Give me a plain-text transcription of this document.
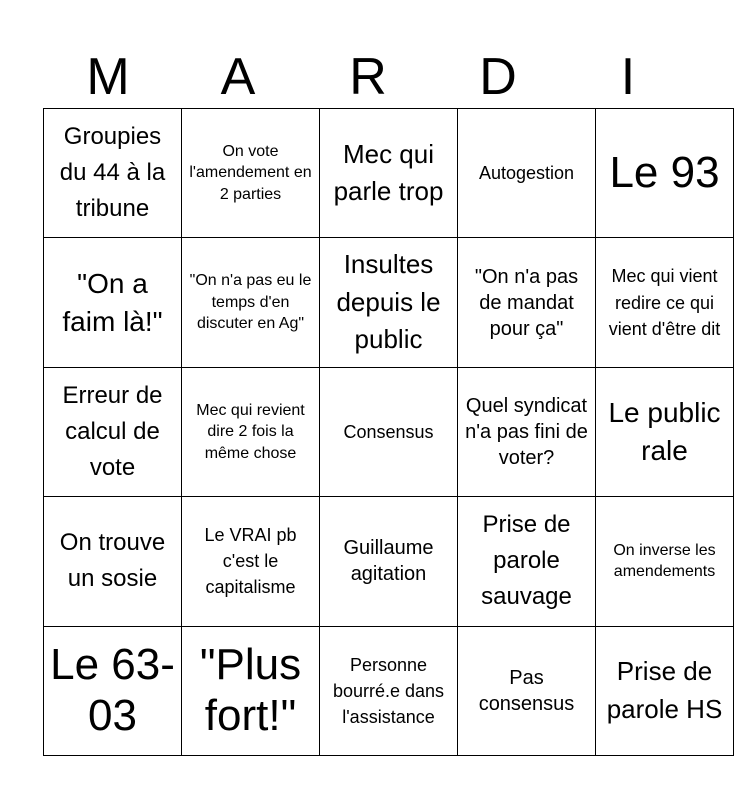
M	A	R	D	I
Groupies du 44 à la tribune	On vote l'amendement en 2 parties	Mec qui parle trop	Autogestion	Le 93
"On a faim là!"	"On n'a pas eu le temps d'en discuter en Ag"	Insultes depuis le public	"On n'a pas de mandat pour ça"	Mec qui vient redire ce qui vient d'être dit
Erreur de calcul de vote	Mec qui revient dire 2 fois la même chose	Consensus	Quel syndicat n'a pas fini de voter?	Le public rale
On trouve un sosie	Le VRAI pb c'est le capitalisme	Guillaume agitation	Prise de parole sauvage	On inverse les amendements
Le 63-03	"Plus fort!"	Personne bourré.e dans l'assistance	Pas consensus	Prise de parole HS
